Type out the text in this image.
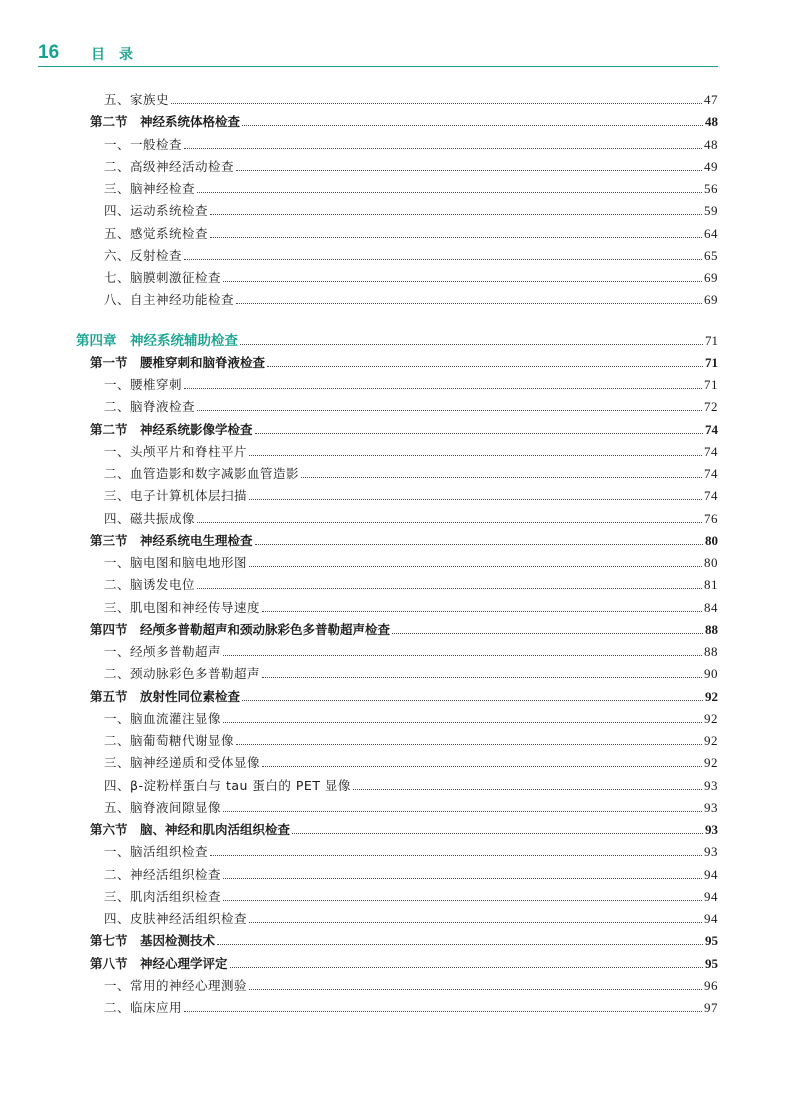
16 目录
五、家族史	47
第二节　神经系统体格检查	48
一、一般检查	48
二、高级神经活动检查	49
三、脑神经检查	56
四、运动系统检查	59
五、感觉系统检查	64
六、反射检查	65
七、脑膜刺激征检查	69
八、自主神经功能检查	69
第四章　神经系统辅助检查	71
第一节　腰椎穿刺和脑脊液检查	71
一、腰椎穿刺	71
二、脑脊液检查	72
第二节　神经系统影像学检查	74
一、头颅平片和脊柱平片	74
二、血管造影和数字减影血管造影	74
三、电子计算机体层扫描	74
四、磁共振成像	76
第三节　神经系统电生理检查	80
一、脑电图和脑电地形图	80
二、脑诱发电位	81
三、肌电图和神经传导速度	84
第四节　经颅多普勒超声和颈动脉彩色多普勒超声检查	88
一、经颅多普勒超声	88
二、颈动脉彩色多普勒超声	90
第五节　放射性同位素检查	92
一、脑血流灌注显像	92
二、脑葡萄糖代谢显像	92
三、脑神经递质和受体显像	92
四、β-淀粉样蛋白与 tau 蛋白的 PET 显像	93
五、脑脊液间隙显像	93
第六节　脑、神经和肌肉活组织检查	93
一、脑活组织检查	93
二、神经活组织检查	94
三、肌肉活组织检查	94
四、皮肤神经活组织检查	94
第七节　基因检测技术	95
第八节　神经心理学评定	95
一、常用的神经心理测验	96
二、临床应用	97
